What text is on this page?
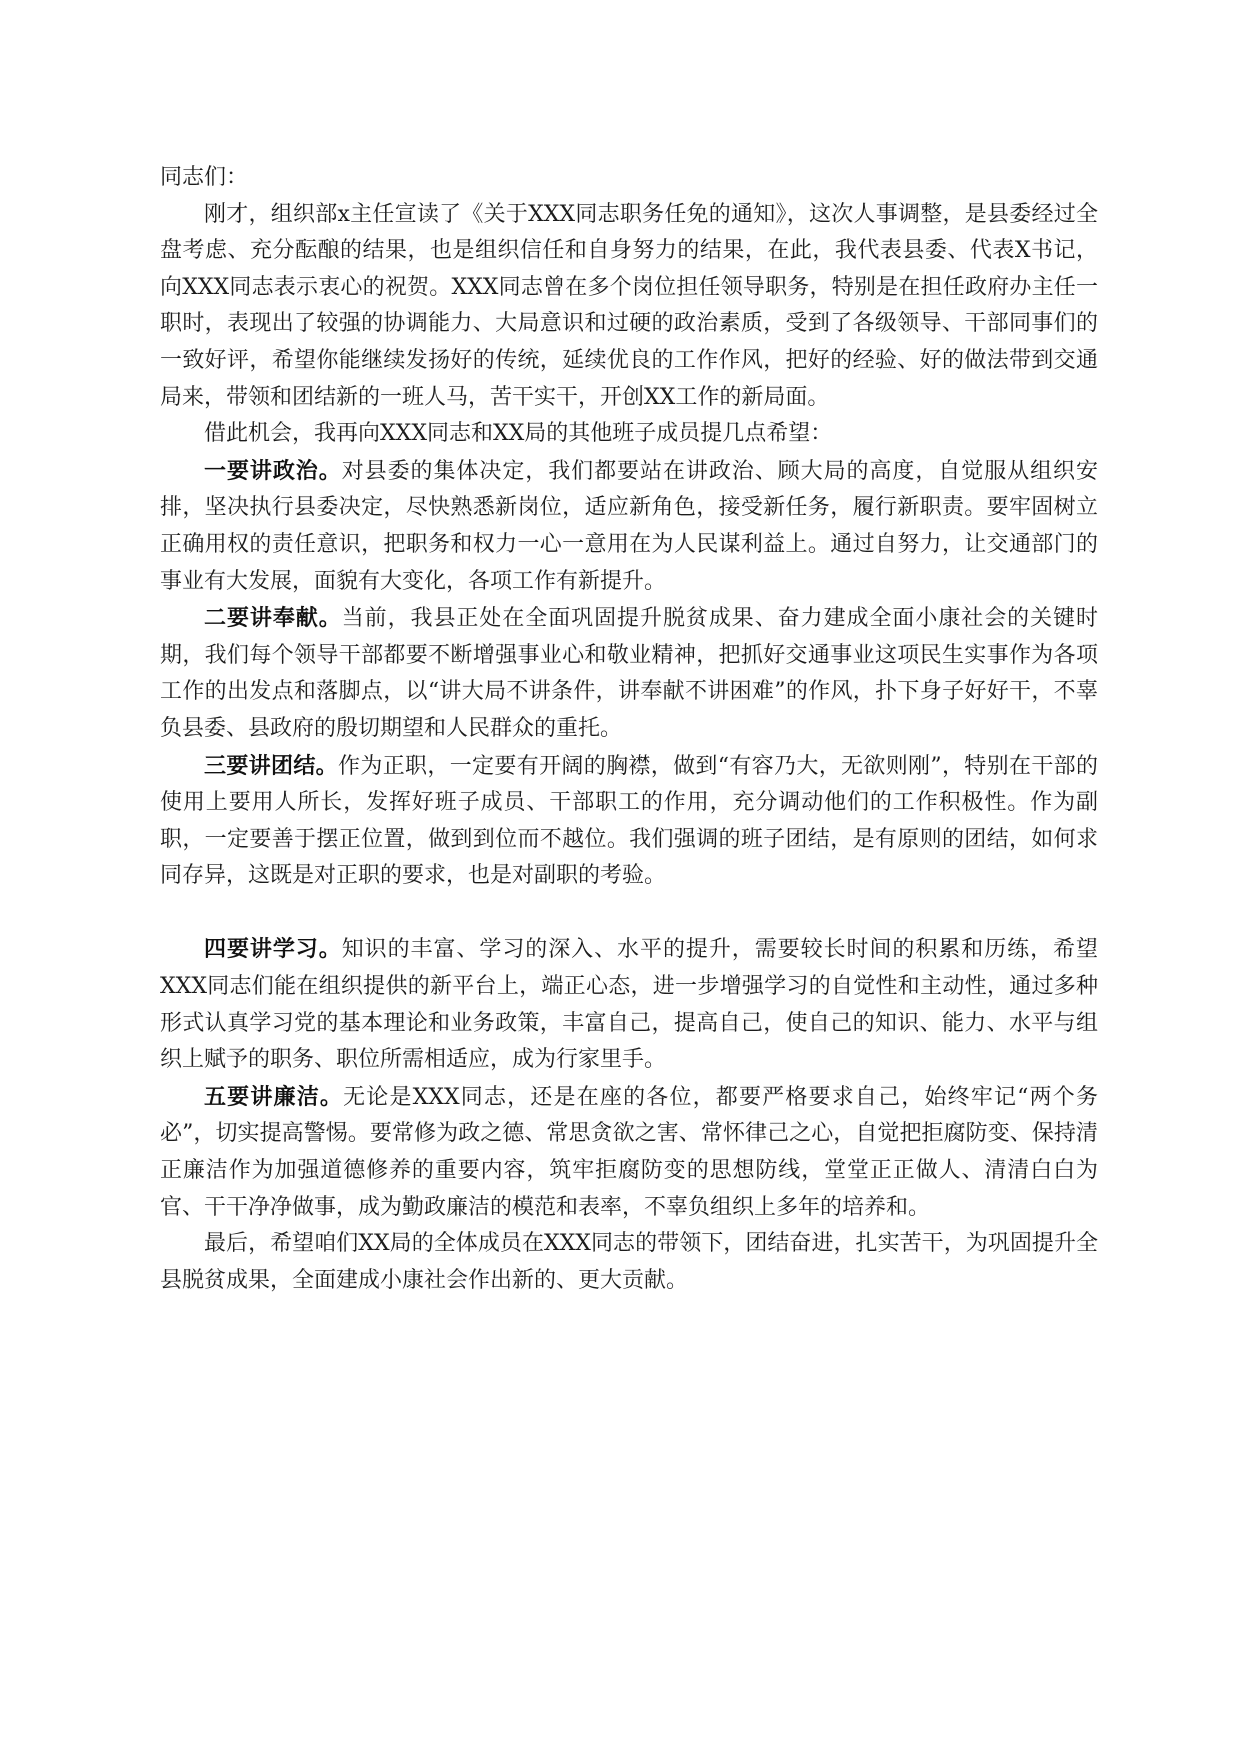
同志们：

刚才，组织部x主任宣读了《关于XXX同志职务任免的通知》，这次人事调整，是县委经过全盘考虑、充分酝酿的结果，也是组织信任和自身努力的结果，在此，我代表县委、代表X书记，向XXX同志表示衷心的祝贺。XXX同志曾在多个岗位担任领导职务，特别是在担任政府办主任一职时，表现出了较强的协调能力、大局意识和过硬的政治素质，受到了各级领导、干部同事们的一致好评，希望你能继续发扬好的传统，延续优良的工作作风，把好的经验、好的做法带到交通局来，带领和团结新的一班人马，苦干实干，开创XX工作的新局面。

借此机会，我再向XXX同志和XX局的其他班子成员提几点希望：

一要讲政治。对县委的集体决定，我们都要站在讲政治、顾大局的高度，自觉服从组织安排，坚决执行县委决定，尽快熟悉新岗位，适应新角色，接受新任务，履行新职责。要牢固树立正确用权的责任意识，把职务和权力一心一意用在为人民谋利益上。通过自努力，让交通部门的事业有大发展，面貌有大变化，各项工作有新提升。

二要讲奉献。当前，我县正处在全面巩固提升脱贫成果、奋力建成全面小康社会的关键时期，我们每个领导干部都要不断增强事业心和敬业精神，把抓好交通事业这项民生实事作为各项工作的出发点和落脚点，以“讲大局不讲条件，讲奉献不讲困难”的作风，扑下身子好好干，不辜负县委、县政府的殷切期望和人民群众的重托。

三要讲团结。作为正职，一定要有开阔的胸襟，做到“有容乃大，无欲则刚”，特别在干部的使用上要用人所长，发挥好班子成员、干部职工的作用，充分调动他们的工作积极性。作为副职，一定要善于摆正位置，做到到位而不越位。我们强调的班子团结，是有原则的团结，如何求同存异，这既是对正职的要求，也是对副职的考验。

四要讲学习。知识的丰富、学习的深入、水平的提升，需要较长时间的积累和历练，希望XXX同志们能在组织提供的新平台上，端正心态，进一步增强学习的自觉性和主动性，通过多种形式认真学习党的基本理论和业务政策，丰富自己，提高自己，使自己的知识、能力、水平与组织上赋予的职务、职位所需相适应，成为行家里手。

五要讲廉洁。无论是XXX同志，还是在座的各位，都要严格要求自己，始终牢记“两个务必”，切实提高警惕。要常修为政之德、常思贪欲之害、常怀律己之心，自觉把拒腐防变、保持清正廉洁作为加强道德修养的重要内容，筑牢拒腐防变的思想防线，堂堂正正做人、清清白白为官、干干净净做事，成为勤政廉洁的模范和表率，不辜负组织上多年的培养和。

最后，希望咱们XX局的全体成员在XXX同志的带领下，团结奋进，扎实苦干，为巩固提升全县脱贫成果，全面建成小康社会作出新的、更大贡献。
